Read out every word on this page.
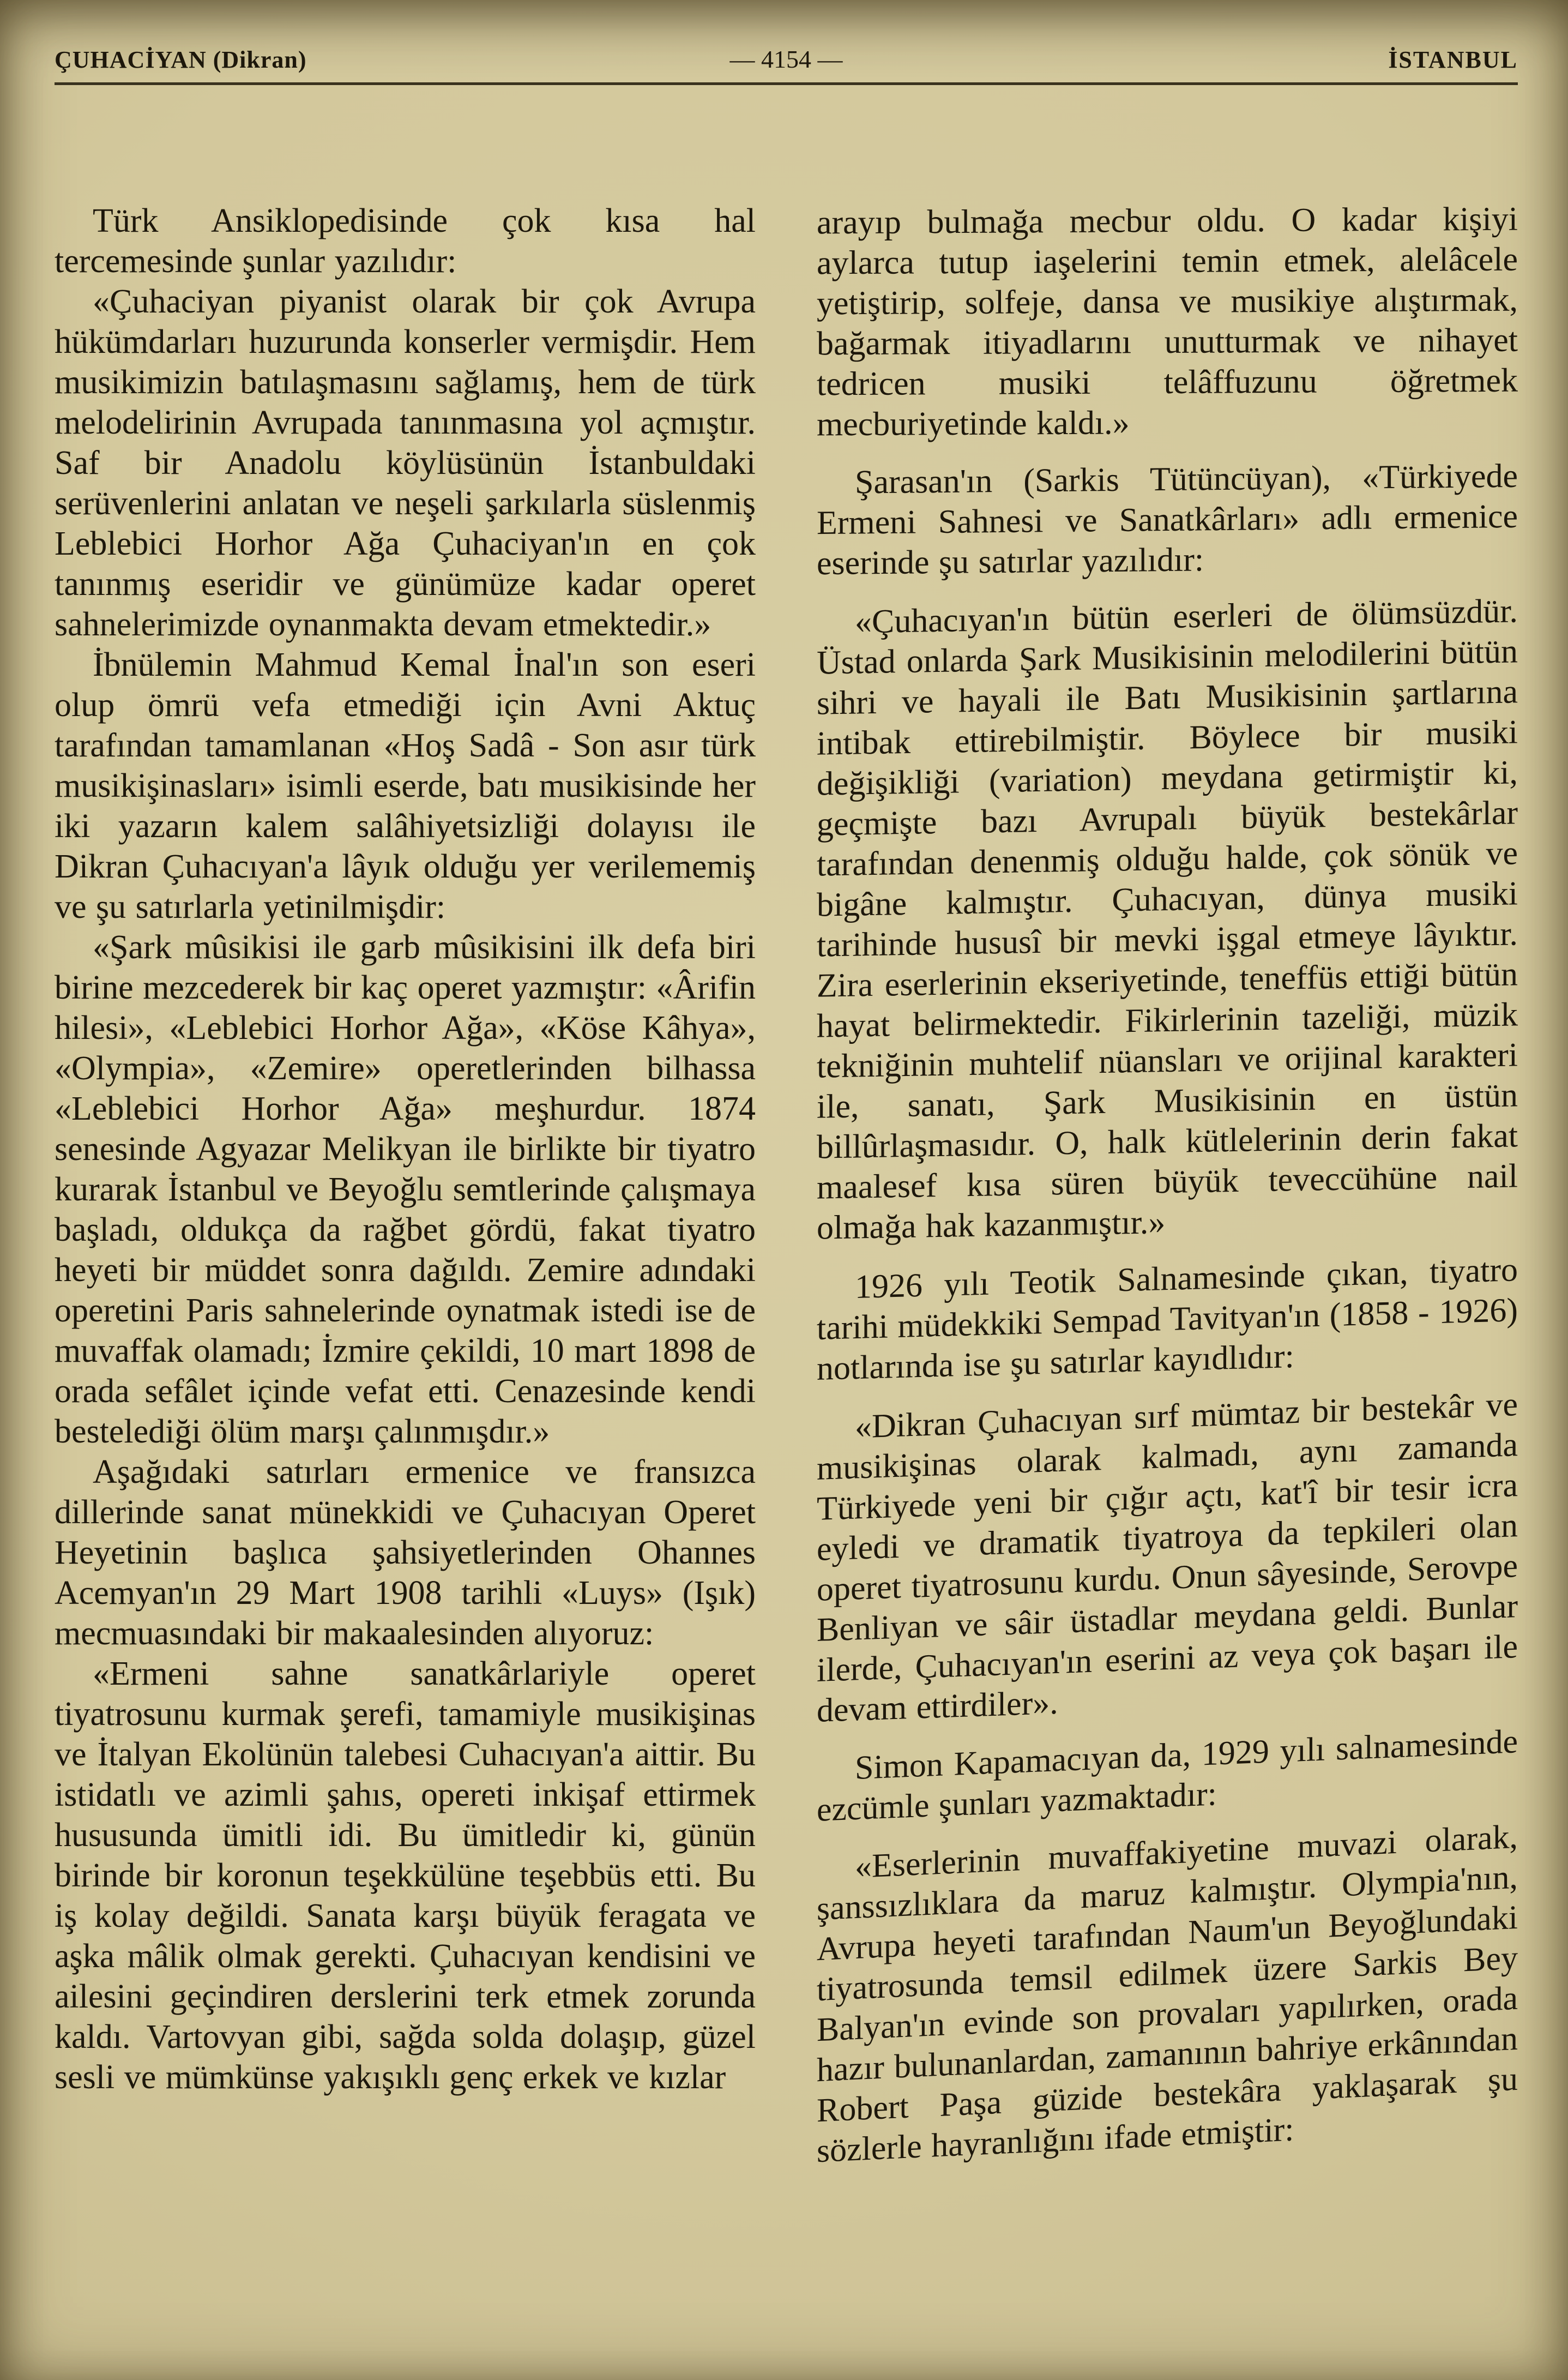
ÇUHACİYAN (Dikran)	— 4154 —	İSTANBUL

Türk Ansiklopedisinde çok kısa hal tercemesinde şunlar yazılıdır:

«Çuhaciyan piyanist olarak bir çok Avrupa hükümdarları huzurunda konserler vermişdir. Hem musikimizin batılaşmasını sağlamış, hem de türk melodelirinin Avrupada tanınmasına yol açmıştır. Saf bir Anadolu köylüsünün İstanbuldaki serüvenlerini anlatan ve neşeli şarkılarla süslenmiş Leblebici Horhor Ağa Çuhaciyan'ın en çok tanınmış eseridir ve günümüze kadar operet sahnelerimizde oynanmakta devam etmektedir.»

İbnülemin Mahmud Kemal İnal'ın son eseri olup ömrü vefa etmediği için Avni Aktuç tarafından tamamlanan «Hoş Sadâ - Son asır türk musikişinasları» isimli eserde, batı musikisinde her iki yazarın kalem salâhiyetsizliği dolayısı ile Dikran Çuhacıyan'a lâyık olduğu yer verilememiş ve şu satırlarla yetinilmişdir:

«Şark mûsikisi ile garb mûsikisini ilk defa biri birine mezcederek bir kaç operet yazmıştır: «Ârifin hilesi», «Leblebici Horhor Ağa», «Köse Kâhya», «Olympia», «Zemire» operetlerinden bilhassa «Leblebici Horhor Ağa» meşhurdur. 1874 senesinde Agyazar Melikyan ile birlikte bir tiyatro kurarak İstanbul ve Beyoğlu semtlerinde çalışmaya başladı, oldukça da rağbet gördü, fakat tiyatro heyeti bir müddet sonra dağıldı. Zemire adındaki operetini Paris sahnelerinde oynatmak istedi ise de muvaffak olamadı; İzmire çekildi, 10 mart 1898 de orada sefâlet içinde vefat etti. Cenazesinde kendi bestelediği ölüm marşı çalınmışdır.»

Aşağıdaki satırları ermenice ve fransızca dillerinde sanat münekkidi ve Çuhacıyan Operet Heyetinin başlıca şahsiyetlerinden Ohannes Acemyan'ın 29 Mart 1908 tarihli «Luys» (Işık) mecmuasındaki bir makaalesinden alıyoruz:

«Ermeni sahne sanatkârlariyle operet tiyatrosunu kurmak şerefi, tamamiyle musikişinas ve İtalyan Ekolünün talebesi Cuhacıyan'a aittir. Bu istidatlı ve azimli şahıs, opereti inkişaf ettirmek hususunda ümitli idi. Bu ümitledir ki, günün birinde bir koronun teşekkülüne teşebbüs etti. Bu iş kolay değildi. Sanata karşı büyük feragata ve aşka mâlik olmak gerekti. Çuhacıyan kendisini ve ailesini geçindiren derslerini terk etmek zorunda kaldı. Vartovyan gibi, sağda solda dolaşıp, güzel sesli ve mümkünse yakışıklı genç erkek ve kızlar

arayıp bulmağa mecbur oldu. O kadar kişiyi aylarca tutup iaşelerini temin etmek, alelâcele yetiştirip, solfeje, dansa ve musikiye alıştırmak, bağarmak itiyadlarını unutturmak ve nihayet tedricen musiki telâffuzunu öğretmek mecburiyetinde kaldı.»

Şarasan'ın (Sarkis Tütüncüyan), «Türkiyede Ermeni Sahnesi ve Sanatkârları» adlı ermenice eserinde şu satırlar yazılıdır:

«Çuhacıyan'ın bütün eserleri de ölümsüzdür. Üstad onlarda Şark Musikisinin melodilerini bütün sihri ve hayali ile Batı Musikisinin şartlarına intibak ettirebilmiştir. Böylece bir musiki değişikliği (variation) meydana getirmiştir ki, geçmişte bazı Avrupalı büyük bestekârlar tarafından denenmiş olduğu halde, çok sönük ve bigâne kalmıştır. Çuhacıyan, dünya musiki tarihinde hususî bir mevki işgal etmeye lâyıktır. Zira eserlerinin ekseriyetinde, teneffüs ettiği bütün hayat belirmektedir. Fikirlerinin tazeliği, müzik tekniğinin muhtelif nüansları ve orijinal karakteri ile, sanatı, Şark Musikisinin en üstün billûrlaşmasıdır. O, halk kütlelerinin derin fakat maalesef kısa süren büyük teveccühüne nail olmağa hak kazanmıştır.»

1926 yılı Teotik Salnamesinde çıkan, tiyatro tarihi müdekkiki Sempad Tavityan'ın (1858 - 1926) notlarında ise şu satırlar kayıdlıdır:

«Dikran Çuhacıyan sırf mümtaz bir bestekâr ve musikişinas olarak kalmadı, aynı zamanda Türkiyede yeni bir çığır açtı, kat'î bir tesir icra eyledi ve dramatik tiyatroya da tepkileri olan operet tiyatrosunu kurdu. Onun sâyesinde, Serovpe Benliyan ve sâir üstadlar meydana geldi. Bunlar ilerde, Çuhacıyan'ın eserini az veya çok başarı ile devam ettirdiler».

Simon Kapamacıyan da, 1929 yılı salnamesinde ezcümle şunları yazmaktadır:

«Eserlerinin muvaffakiyetine muvazi olarak, şanssızlıklara da maruz kalmıştır. Olympia'nın, Avrupa heyeti tarafından Naum'un Beyoğlundaki tiyatrosunda temsil edilmek üzere Sarkis Bey Balyan'ın evinde son provaları yapılırken, orada hazır bulunanlardan, zamanının bahriye erkânından Robert Paşa güzide bestekâra yaklaşarak şu sözlerle hayranlığını ifade etmiştir:
